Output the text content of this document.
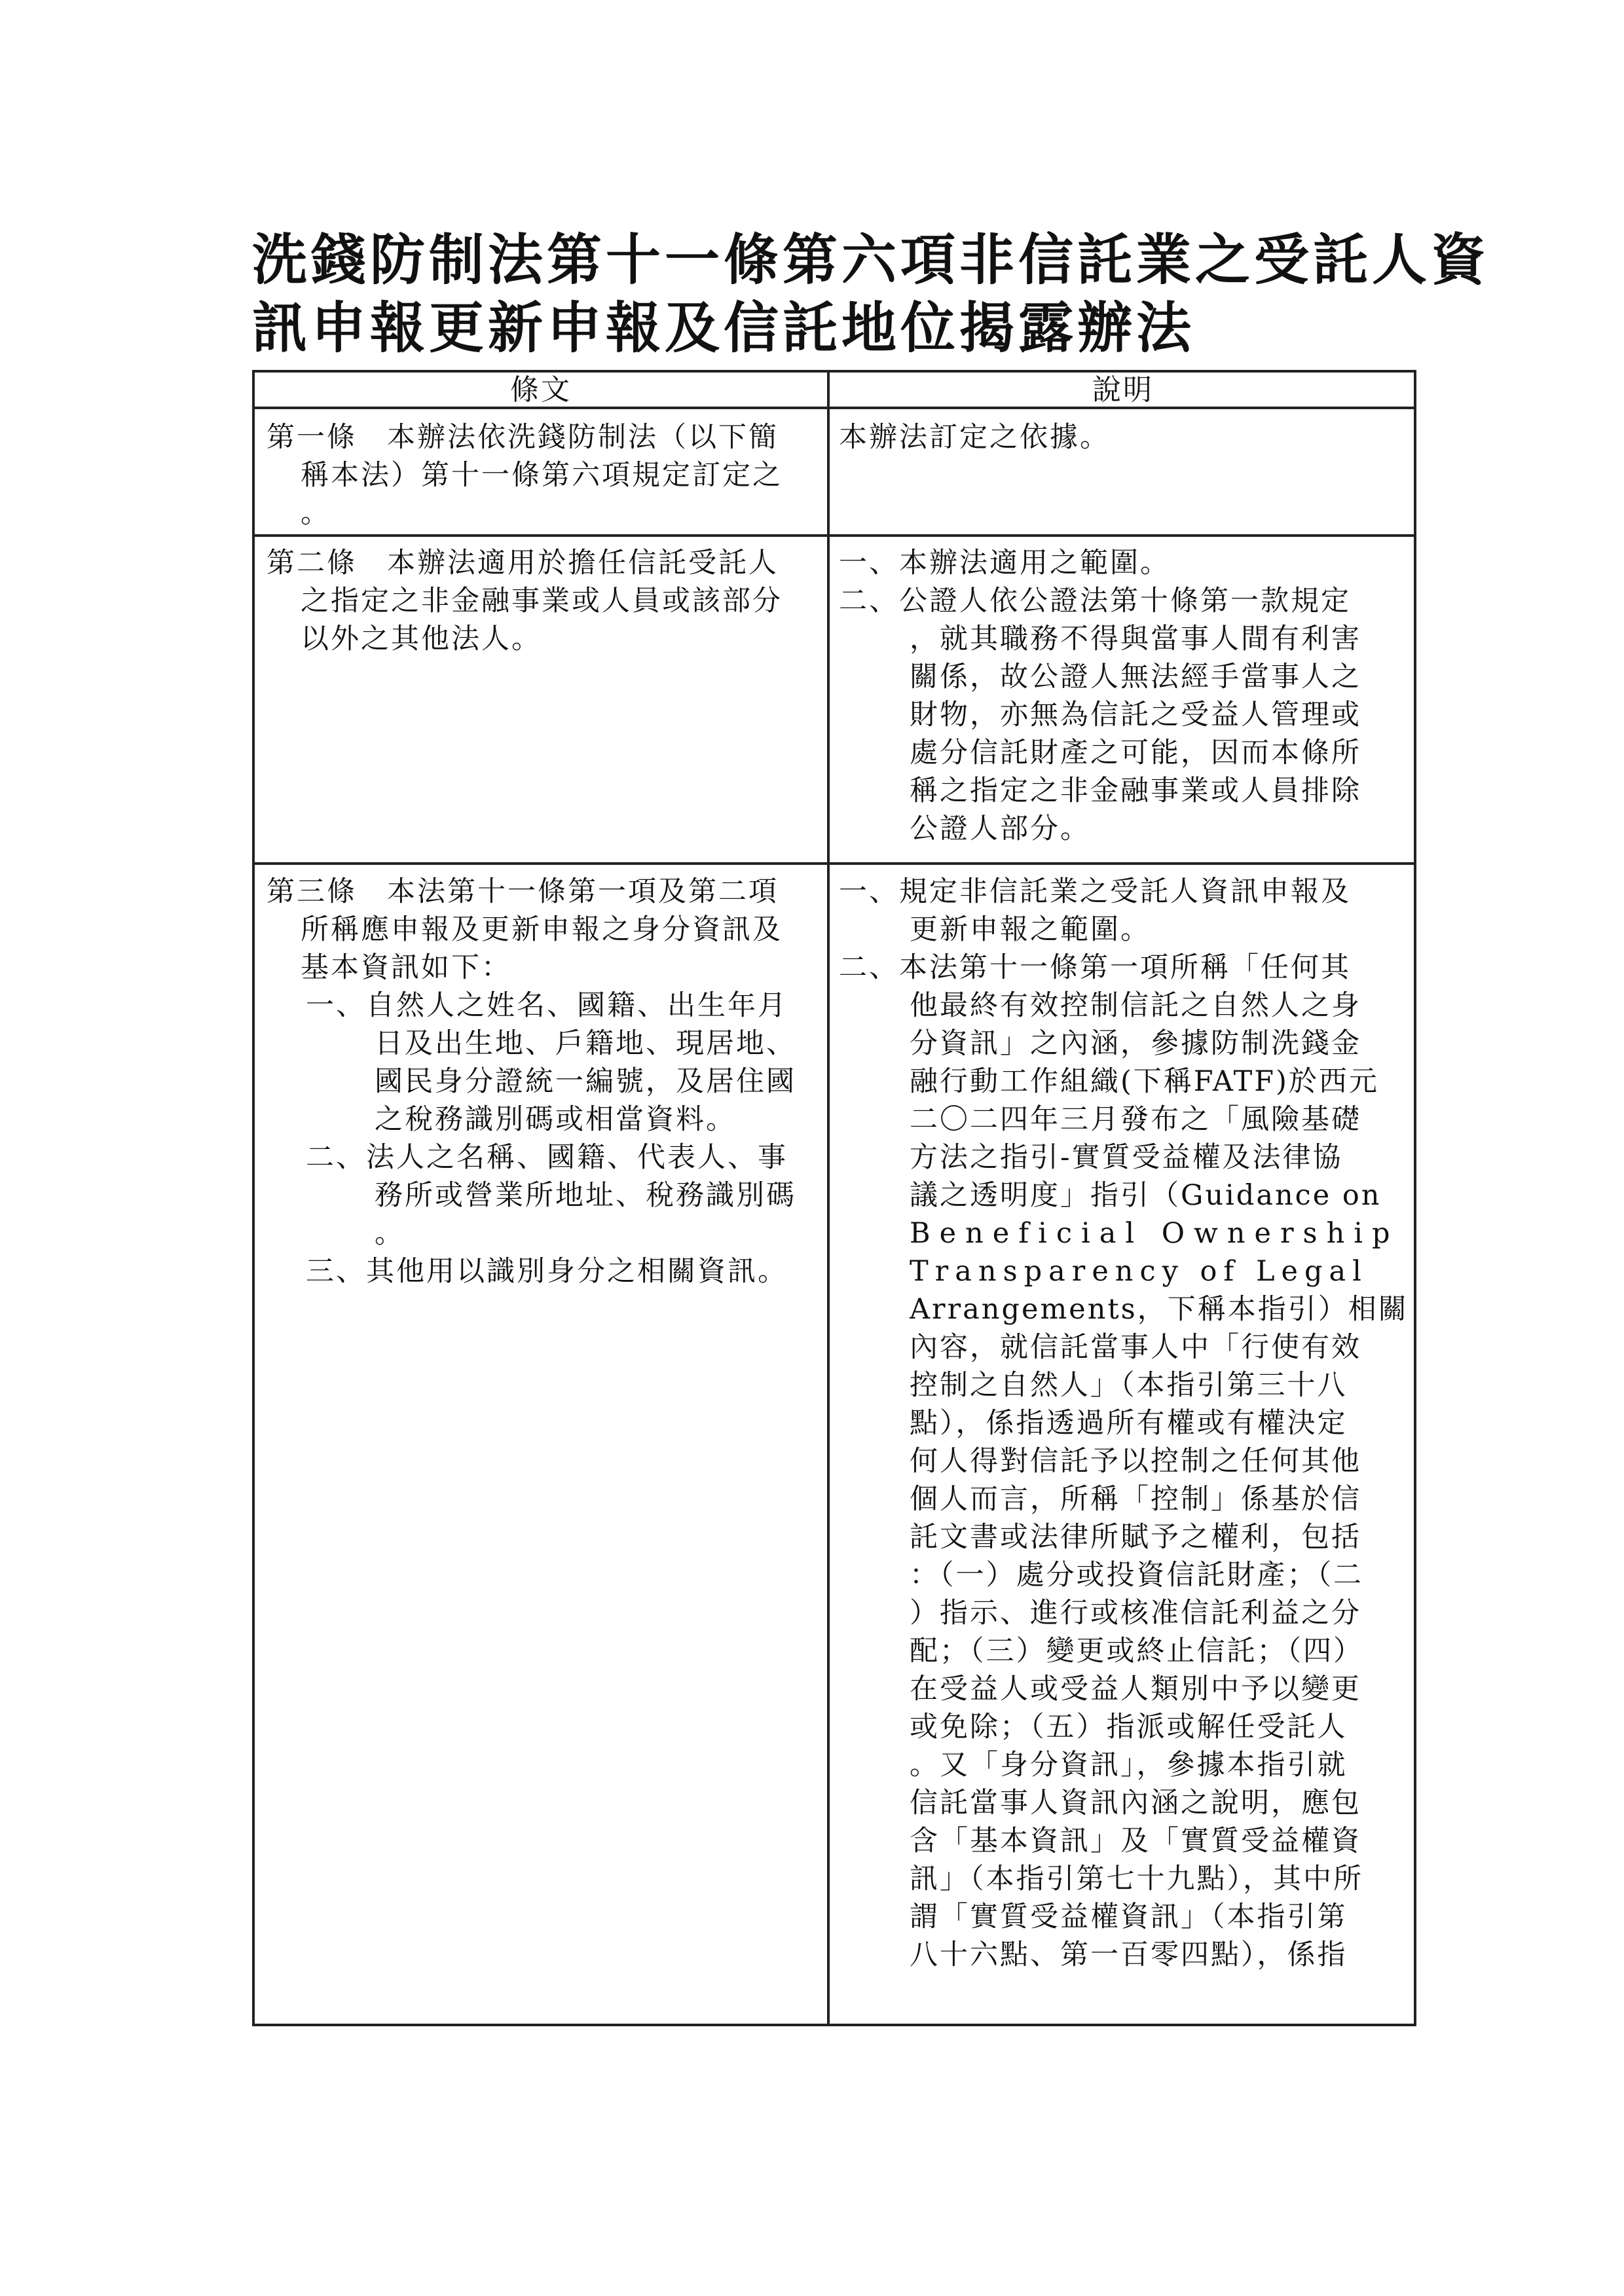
洗錢防制法第十一條第六項非信託業之受託人資
訊申報更新申報及信託地位揭露辦法
條文	說明

第一條　本辦法依洗錢防制法（以下簡

稱本法）第十一條第六項規定訂定之

。

本辦法訂定之依據。

第二條　本辦法適用於擔任信託受託人

之指定之非金融事業或人員或該部分

以外之其他法人。

一、本辦法適用之範圍。

二、公證人依公證法第十條第一款規定

，就其職務不得與當事人間有利害

關係，故公證人無法經手當事人之

財物，亦無為信託之受益人管理或

處分信託財產之可能，因而本條所

稱之指定之非金融事業或人員排除

公證人部分。

第三條　本法第十一條第一項及第二項

所稱應申報及更新申報之身分資訊及

基本資訊如下：

一、自然人之姓名、國籍、出生年月

日及出生地、戶籍地、現居地、

國民身分證統一編號，及居住國

之稅務識別碼或相當資料。

二、法人之名稱、國籍、代表人、事

務所或營業所地址、稅務識別碼

。

三、其他用以識別身分之相關資訊。

一、規定非信託業之受託人資訊申報及

更新申報之範圍。

二、本法第十一條第一項所稱「任何其

他最終有效控制信託之自然人之身

分資訊」之內涵，參據防制洗錢金

融行動工作組織(下稱FATF)於西元

二〇二四年三月發布之「風險基礎

方法之指引-實質受益權及法律協

議之透明度」指引（Guidance on

Beneficial Ownership

Transparency of Legal

Arrangements，下稱本指引）相關

內容，就信託當事人中「行使有效

控制之自然人」（本指引第三十八

點），係指透過所有權或有權決定

何人得對信託予以控制之任何其他

個人而言，所稱「控制」係基於信

託文書或法律所賦予之權利，包括

：（一）處分或投資信託財產；（二

）指示、進行或核准信託利益之分

配；（三）變更或終止信託；（四）

在受益人或受益人類別中予以變更

或免除；（五）指派或解任受託人

。又「身分資訊」，參據本指引就

信託當事人資訊內涵之說明，應包

含「基本資訊」及「實質受益權資

訊」（本指引第七十九點），其中所

謂「實質受益權資訊」（本指引第

八十六點、第一百零四點），係指
